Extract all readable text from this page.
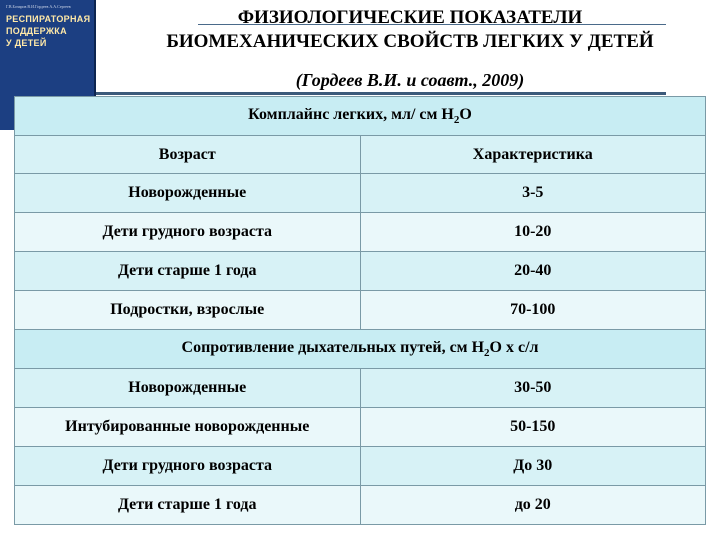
Г.В.Бочаров В.И.Гордеев А.А.Сергеев
РЕСПИРАТОРНАЯ
ПОДДЕРЖКА
У ДЕТЕЙ
ФИЗИОЛОГИЧЕСКИЕ ПОКАЗАТЕЛИ
БИОМЕХАНИЧЕСКИХ СВОЙСТВ ЛЕГКИХ У ДЕТЕЙ
(Гордеев В.И. и соавт., 2009)
Комплайнс легких, мл/ см $Н_2О$	
Возраст	Характеристика
Новорожденные	3-5
Дети грудного возраста	10-20
Дети старше 1 года	20-40
Подростки, взрослые	70-100
Сопротивление дыхательных путей, см $Н_2О$ х с/л	
Новорожденные	30-50
Интубированные новорожденные	50-150
Дети грудного возраста	До 30
Дети старше 1 года	до 20
